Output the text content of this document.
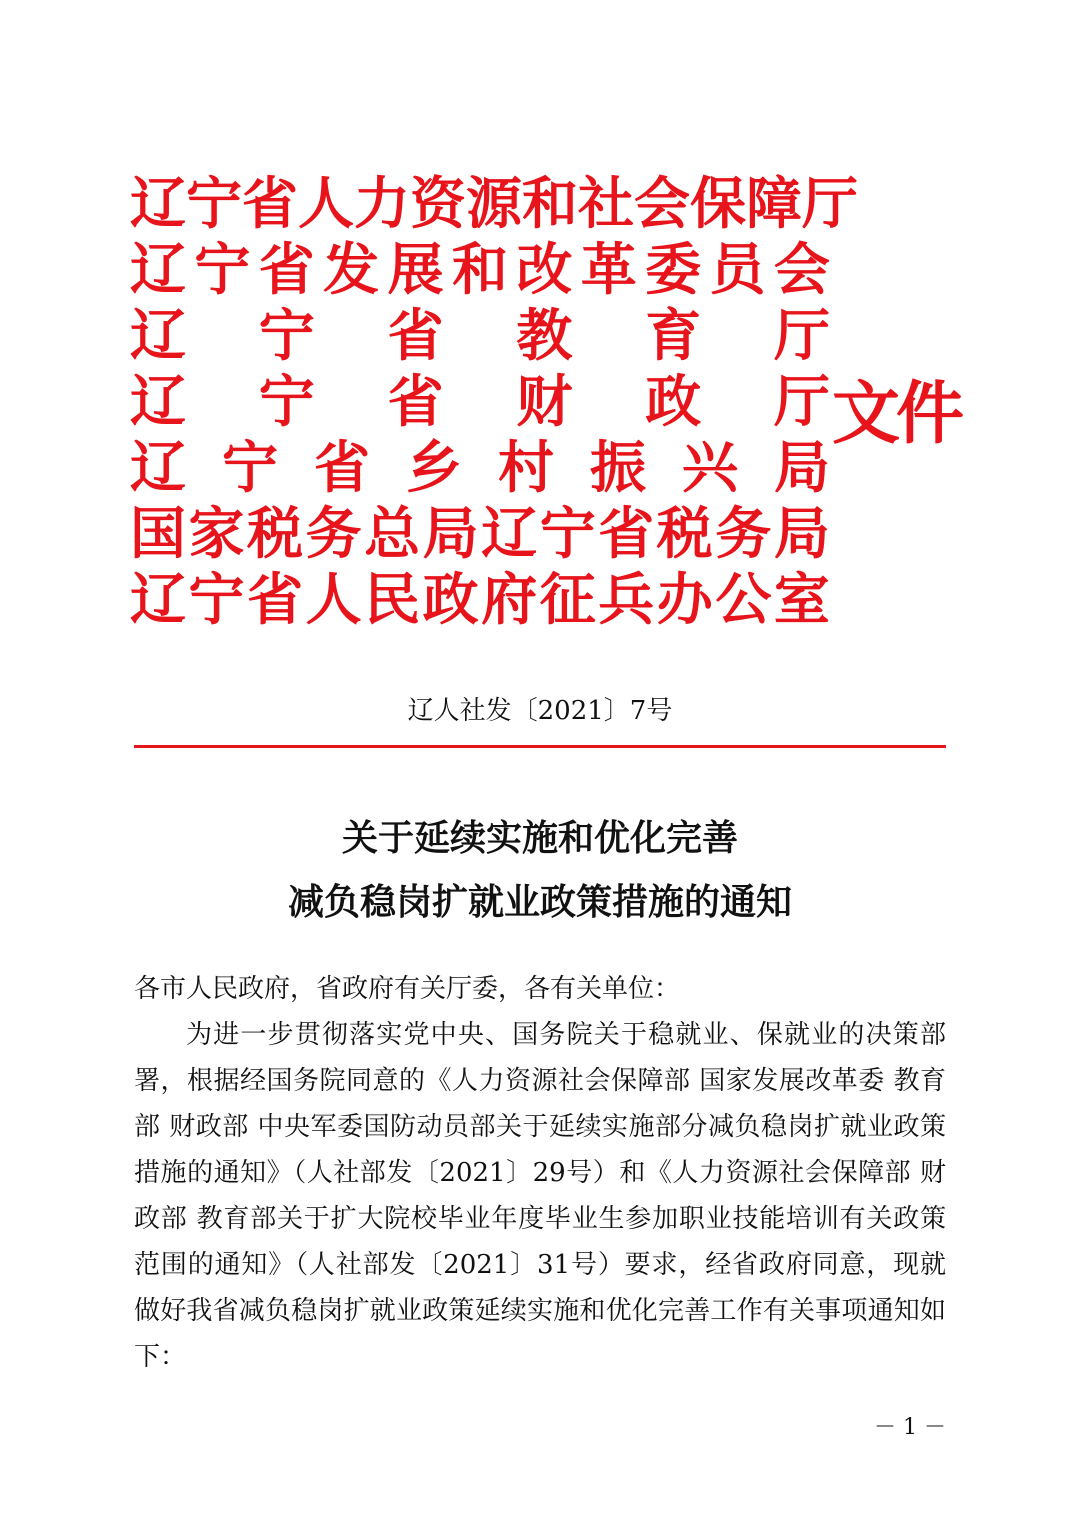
辽 宁 省 人 力 资 源 和 社 会 保 障 厅
辽 宁 省 发 展 和 改 革 委 员 会
辽 宁 省 教 育 厅
辽 宁 省 财 政 厅
辽 宁 省 乡 村 振 兴 局
国 家 税 务 总 局 辽 宁 省 税 务 局
辽 宁 省 人 民 政 府 征 兵 办 公 室
文件
辽人社发〔2021〕7号
关于延续实施和优化完善
减负稳岗扩就业政策措施的通知

各市人民政府，省政府有关厅委，各有关单位：

为进一步贯彻落实党中央、国务院关于稳就业、保就业的决策部署，根据经国务院同意的《人力资源社会保障部 国家发展改革委 教育部 财政部 中央军委国防动员部关于延续实施部分减负稳岗扩就业政策措施的通知》（人社部发〔2021〕29号）和《人力资源社会保障部 财政部 教育部关于扩大院校毕业年度毕业生参加职业技能培训有关政策范围的通知》（人社部发〔2021〕31号）要求，经省政府同意，现就做好我省减负稳岗扩就业政策延续实施和优化完善工作有关事项通知如下：

－ 1 －
